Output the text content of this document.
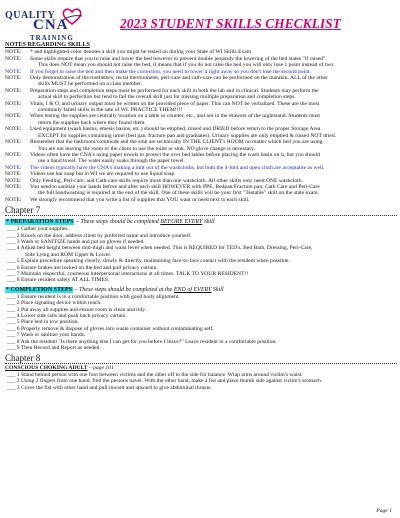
QUALITY
CNA
TRAINING
2023 STUDENT SKILLS CHECKLIST
NOTES REGARDING SKILLS
NOTE: * and highlighted color denotes a skill you might be tested on during your State of WI Skills Exam
NOTE: Some skills require that you to raise and lower the bed however to prevent double jeopardy the lowering of the bed states "if raised".
This does NOT mean you should not raise the bed, it means that if you do not raise the bed you will only lose 1 point instead of two.
NOTE: If you forget to raise the bed and then make the correction, you need to lower it right away so you don't lose the second point.
NOTE: Only demonstration of the toothette's, rectal thermometer, peri-care and cath-care can be performed on the manikin. ALL of the other
skills MUST be performed on a class member.
NOTE: Preparation steps and completion steps must be performed for each skill in both the lab and in clinical. Students may perform the
actual skill to perfection but tend to fail the overall skill just for missing multiple preparation and completion steps.
NOTE: Vitals, I & O, and urinary output must be written on the provided piece of paper. This can NOT be verbalized. These are the most
commonly failed skills in the sate of WI. PRACTICE THEM!!!!
NOTE: When testing the supplies are centrally location on a table or counter, etc., and not in the drawers of the nightstand. Students must
return the supplies back where they found them.
NOTE: Used equipment (wash basins, emesis basins, etc.) should be emptied, rinsed and DRIED before return to the proper Storage Area
EXCEPT for supplies containing urine (bed pan, fracture pan and graduates). Urinary supplies are only emptied & rinsed NOT dried.
NOTE: Remember that the bathroom/commode and the sink are technically IN THE CLIENT's ROOM no matter which bed you are using.
You are not leaving the room or the client to use the toilet or sink. NO glove change is necessary.
NOTE: Videos often have the CNA's using paper towels to protect the over bed tables before placing the wash basin on it, but you should
use a hand towel. The water easily soaks through the paper towel.
NOTE: The videos typically have the CNA's making a mitt out of the washcloths, but both the 4-fold and open cloth are acceptable as well.
NOTE: Videos use bar soap but in WI we are required to use liquid soap.
NOTE: Only Feeding, Peri-care, and Cath-care skills require more than one washcloth. All other skills only need ONE washcloth.
NOTE: You need to sanitize your hands before and after each skill HOWEVER with PPE, Bedpan/Fracture pan, Cath Care and Peri-Care
the full handwashing is required at the end of the skill. One of these skills will be your first "Testable" skill on the state exam.
NOTE: We strongly recommend that you write a list of supplies that YOU want or need next to each skill.
Chapter 7
* PREPARATION STEPS – These steps should be completed BEFORE EVERY Skill
___ 1 Gather your supplies.
___ 2 Knock on the door, address client by preferred name and introduce yourself.
___ 3 Wash or SANITIZE hands and put on gloves if needed.
___ 4 Adjust bed height between mid-thigh and waist level when needed. This is REQUIRED for TED's, Bed Bath, Dressing, Peri-Care,
Side Lying and ROM Upper & Lower.
___ 5 Explain procedure speaking clearly, slowly & directly, maintaining face-to-face contact with the resident when possible.
___ 6 Ensure brakes are locked on the bed and pull privacy curtain.
___ 7 Maintain respectful, courteous interpersonal interactions at all times. TALK TO YOUR RESIDENT!!
___ 8 Ensure resident safety AT ALL TIMES.
* COMPLETION STEPS – These steps should be completed at the END of EVERY Skill
___ 1 Ensure resident is in a comfortable position with good body alignment.
___ 2 Place signaling device within reach.
___ 3 Put away all supplies and ensure room is clean and tidy.
___ 4 Lower side rails and push back privacy curtain.
___ 5 Place bed in low position.
___ 6 Properly remove & dispose of gloves into waste container without contaminating self.
___ 7 Wash or sanitize your hands.
___ 8 Ask the resident "Is there anything else I can get for you before I leave?" Leave resident in a comfortable position.
___ 9 Then Record and Report as needed.
Chapter 8
CONSCIOUS CHOKING ADULT – page 101
___ 1 Stand behind person with one foot between victims and the other off to the side for balance. Wrap arms around victim's waist.
___ 2 Using 2 fingers from one hand, find the persons navel. With the other hand, make a fist and place thumb side against victim's stomach.
___ 3 Cover the fist with other hand and pull inward and upward to give abdominal thrusts.
Page 1
